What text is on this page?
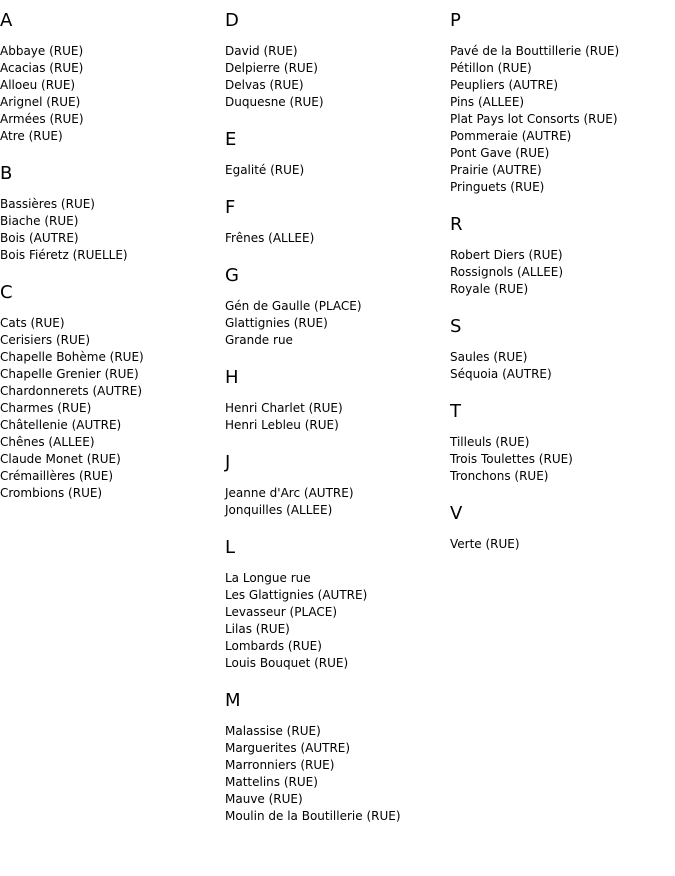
A
Abbaye (RUE)
Acacias (RUE)
Alloeu (RUE)
Arignel (RUE)
Armées (RUE)
Atre (RUE)
B
Bassières (RUE)
Biache (RUE)
Bois (AUTRE)
Bois Fiéretz (RUELLE)
C
Cats (RUE)
Cerisiers (RUE)
Chapelle Bohème (RUE)
Chapelle Grenier (RUE)
Chardonnerets (AUTRE)
Charmes (RUE)
Châtellenie (AUTRE)
Chênes (ALLEE)
Claude Monet (RUE)
Crémaillères (RUE)
Crombions (RUE)
D
David (RUE)
Delpierre (RUE)
Delvas (RUE)
Duquesne (RUE)
E
Egalité (RUE)
F
Frênes (ALLEE)
G
Gén de Gaulle (PLACE)
Glattignies (RUE)
Grande rue
H
Henri Charlet (RUE)
Henri Lebleu (RUE)
J
Jeanne d'Arc (AUTRE)
Jonquilles (ALLEE)
L
La Longue rue
Les Glattignies (AUTRE)
Levasseur (PLACE)
Lilas (RUE)
Lombards (RUE)
Louis Bouquet (RUE)
M
Malassise (RUE)
Marguerites (AUTRE)
Marronniers (RUE)
Mattelins (RUE)
Mauve (RUE)
Moulin de la Boutillerie (RUE)
P
Pavé de la Bouttillerie (RUE)
Pétillon (RUE)
Peupliers (AUTRE)
Pins (ALLEE)
Plat Pays lot Consorts (RUE)
Pommeraie (AUTRE)
Pont Gave (RUE)
Prairie (AUTRE)
Pringuets (RUE)
R
Robert Diers (RUE)
Rossignols (ALLEE)
Royale (RUE)
S
Saules (RUE)
Séquoia (AUTRE)
T
Tilleuls (RUE)
Trois Toulettes (RUE)
Tronchons (RUE)
V
Verte (RUE)
